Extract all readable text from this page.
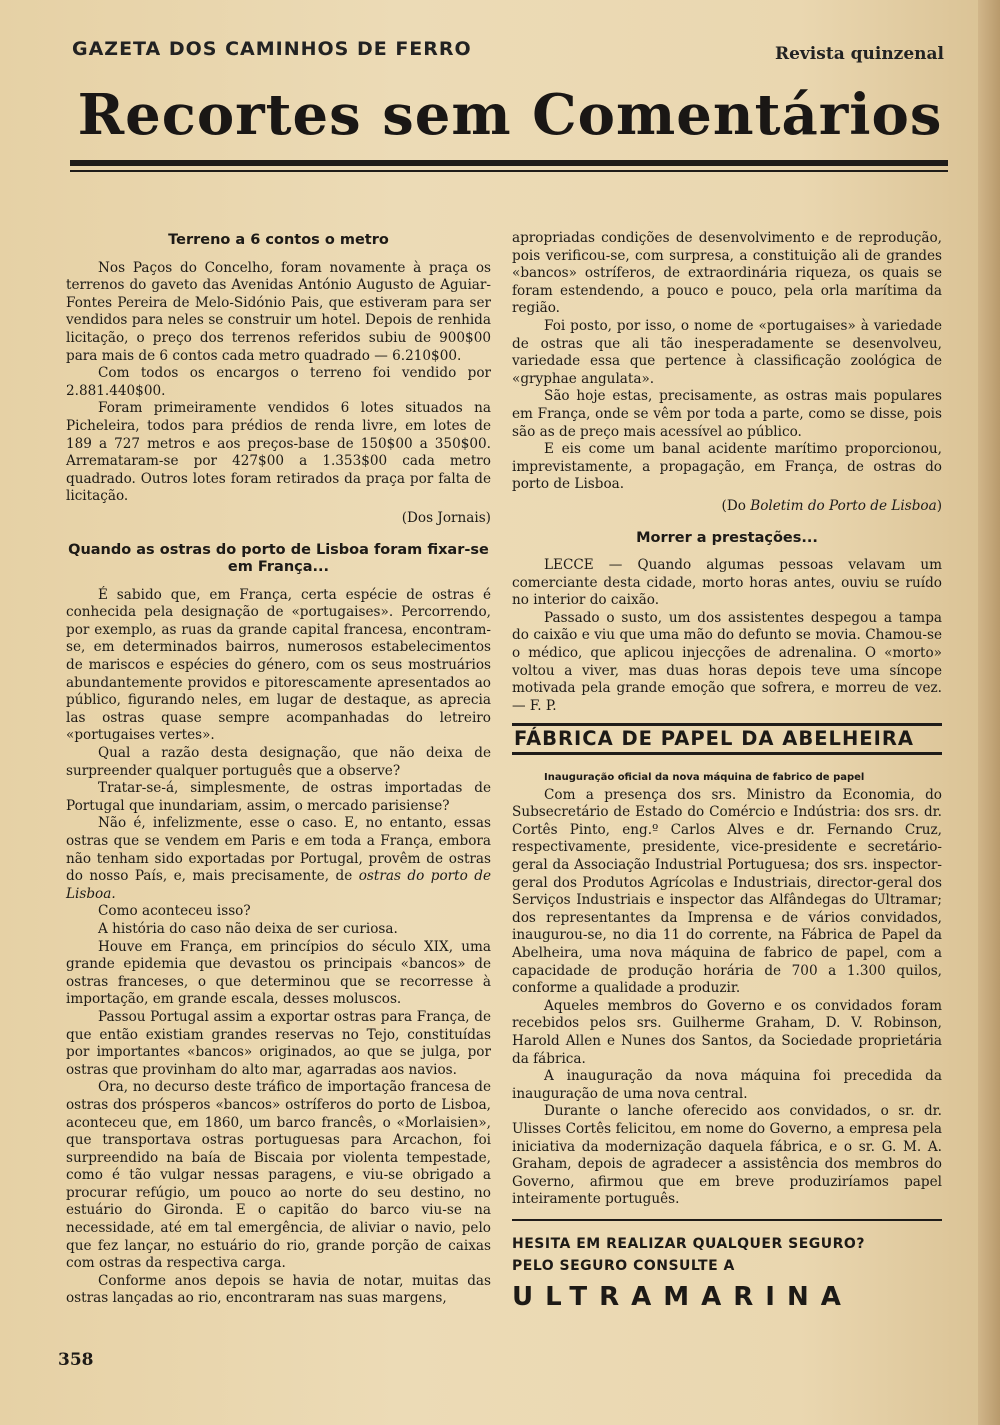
GAZETA DOS CAMINHOS DE FERRO	Revista quinzenal
Recortes sem Comentários

Terreno a 6 contos o metro

Nos Paços do Concelho, foram novamente à praça os terrenos do gaveto das Avenidas António Augusto de Aguiar-Fontes Pereira de Melo-Sidónio Pais, que estiveram para ser vendidos para neles se construir um hotel. Depois de renhida licitação, o preço dos terrenos referidos subiu de 900$00 para mais de 6 contos cada metro quadrado — 6.210$00.

Com todos os encargos o terreno foi vendido por 2.881.440$00.

Foram primeiramente vendidos 6 lotes situados na Picheleira, todos para prédios de renda livre, em lotes de 189 a 727 metros e aos preços-base de 150$00 a 350$00. Arremataram-se por 427$00 a 1.353$00 cada metro quadrado. Outros lotes foram retirados da praça por falta de licitação.

(Dos Jornais)

Quando as ostras do porto de Lisboa foram fixar-se em França...

É sabido que, em França, certa espécie de ostras é conhecida pela designação de «portugaises». Percorrendo, por exemplo, as ruas da grande capital francesa, encontram-se, em determinados bairros, numerosos estabelecimentos de mariscos e espécies do género, com os seus mostruários abundantemente providos e pitorescamente apresentados ao público, figurando neles, em lugar de destaque, as aprecia las ostras quase sempre acompanhadas do letreiro «portugaises vertes».

Qual a razão desta designação, que não deixa de surpreender qualquer português que a observe?

Tratar-se-á, simplesmente, de ostras importadas de Portugal que inundariam, assim, o mercado parisiense?

Não é, infelizmente, esse o caso. E, no entanto, essas ostras que se vendem em Paris e em toda a França, embora não tenham sido exportadas por Portugal, provêm de ostras do nosso País, e, mais precisamente, de ostras do porto de Lisboa.

Como aconteceu isso?

A história do caso não deixa de ser curiosa.

Houve em França, em princípios do século XIX, uma grande epidemia que devastou os principais «bancos» de ostras franceses, o que determinou que se recorresse à importação, em grande escala, desses moluscos.

Passou Portugal assim a exportar ostras para França, de que então existiam grandes reservas no Tejo, constituídas por importantes «bancos» originados, ao que se julga, por ostras que provinham do alto mar, agarradas aos navios.

Ora, no decurso deste tráfico de importação francesa de ostras dos prósperos «bancos» ostríferos do porto de Lisboa, aconteceu que, em 1860, um barco francês, o «Morlaisien», que transportava ostras portuguesas para Arcachon, foi surpreendido na baía de Biscaia por violenta tempestade, como é tão vulgar nessas paragens, e viu-se obrigado a procurar refúgio, um pouco ao norte do seu destino, no estuário do Gironda. E o capitão do barco viu-se na necessidade, até em tal emergência, de aliviar o navio, pelo que fez lançar, no estuário do rio, grande porção de caixas com ostras da respectiva carga.

Conforme anos depois se havia de notar, muitas das ostras lançadas ao rio, encontraram nas suas margens,

apropriadas condições de desenvolvimento e de reprodução, pois verificou-se, com surpresa, a constituição ali de grandes «bancos» ostríferos, de extraordinária riqueza, os quais se foram estendendo, a pouco e pouco, pela orla marítima da região.

Foi posto, por isso, o nome de «portugaises» à variedade de ostras que ali tão inesperadamente se desenvolveu, variedade essa que pertence à classificação zoológica de «gryphae angulata».

São hoje estas, precisamente, as ostras mais populares em França, onde se vêm por toda a parte, como se disse, pois são as de preço mais acessível ao público.

E eis come um banal acidente marítimo proporcionou, imprevistamente, a propagação, em França, de ostras do porto de Lisboa.

(Do Boletim do Porto de Lisboa)

Morrer a prestações...

LECCE — Quando algumas pessoas velavam um comerciante desta cidade, morto horas antes, ouviu se ruído no interior do caixão.

Passado o susto, um dos assistentes despegou a tampa do caixão e viu que uma mão do defunto se movia. Chamou-se o médico, que aplicou injecções de adrenalina. O «morto» voltou a viver, mas duas horas depois teve uma síncope motivada pela grande emoção que sofrera, e morreu de vez. — F. P.

FÁBRICA DE PAPEL DA ABELHEIRA

Inauguração oficial da nova máquina de fabrico de papel

Com a presença dos srs. Ministro da Economia, do Subsecretário de Estado do Comércio e Indústria: dos srs. dr. Cortês Pinto, eng.º Carlos Alves e dr. Fernando Cruz, respectivamente, presidente, vice-presidente e secretário-geral da Associação Industrial Portuguesa; dos srs. inspector-geral dos Produtos Agrícolas e Industriais, director-geral dos Serviços Industriais e inspector das Alfândegas do Ultramar; dos representantes da Imprensa e de vários convidados, inaugurou-se, no dia 11 do corrente, na Fábrica de Papel da Abelheira, uma nova máquina de fabrico de papel, com a capacidade de produção horária de 700 a 1.300 quilos, conforme a qualidade a produzir.

Aqueles membros do Governo e os convidados foram recebidos pelos srs. Guilherme Graham, D. V. Robinson, Harold Allen e Nunes dos Santos, da Sociedade proprietária da fábrica.

A inauguração da nova máquina foi precedida da inauguração de uma nova central.

Durante o lanche oferecido aos convidados, o sr. dr. Ulisses Cortês felicitou, em nome do Governo, a empresa pela iniciativa da modernização daquela fábrica, e o sr. G. M. A. Graham, depois de agradecer a assistência dos membros do Governo, afirmou que em breve produziríamos papel inteiramente português.

HESITA EM REALIZAR QUALQUER SEGURO?
PELO SEGURO CONSULTE A
ULTRAMARINA
358
